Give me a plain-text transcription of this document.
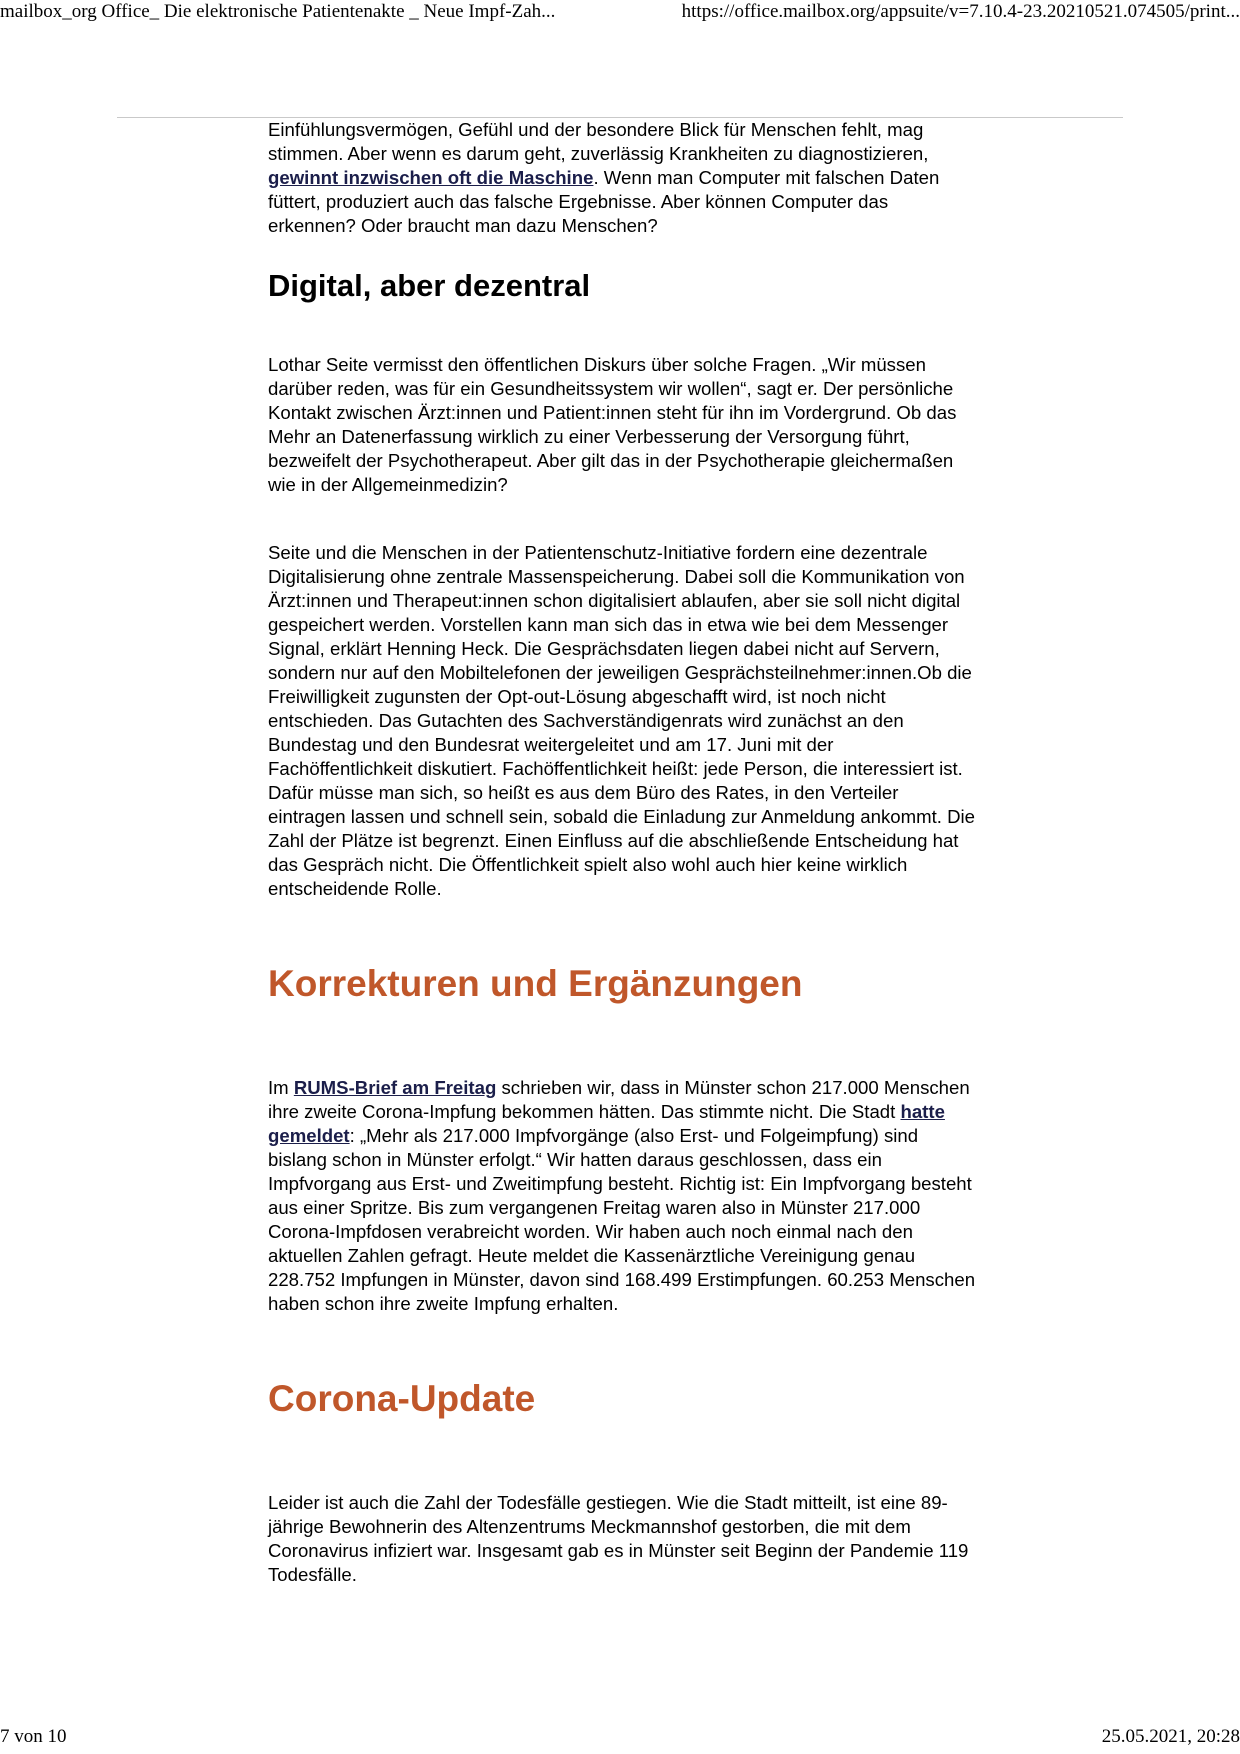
mailbox_org Office_ Die elektronische Patientenakte _ Neue Impf-Zah...	https://office.mailbox.org/appsuite/v=7.10.4-23.20210521.074505/print...

Einfühlungsvermögen, Gefühl und der besondere Blick für Menschen fehlt, mag stimmen. Aber wenn es darum geht, zuverlässig Krankheiten zu diagnostizieren, gewinnt inzwischen oft die Maschine. Wenn man Computer mit falschen Daten füttert, produziert auch das falsche Ergebnisse. Aber können Computer das erkennen? Oder braucht man dazu Menschen?

Digital, aber dezentral

Lothar Seite vermisst den öffentlichen Diskurs über solche Fragen. „Wir müssen darüber reden, was für ein Gesundheitssystem wir wollen“, sagt er. Der persönliche Kontakt zwischen Ärzt:innen und Patient:innen steht für ihn im Vordergrund. Ob das Mehr an Datenerfassung wirklich zu einer Verbesserung der Versorgung führt, bezweifelt der Psychotherapeut. Aber gilt das in der Psychotherapie gleichermaßen wie in der Allgemeinmedizin?

Seite und die Menschen in der Patientenschutz-Initiative fordern eine dezentrale Digitalisierung ohne zentrale Massenspeicherung. Dabei soll die Kommunikation von Ärzt:innen und Therapeut:innen schon digitalisiert ablaufen, aber sie soll nicht digital gespeichert werden. Vorstellen kann man sich das in etwa wie bei dem Messenger Signal, erklärt Henning Heck. Die Gesprächsdaten liegen dabei nicht auf Servern, sondern nur auf den Mobiltelefonen der jeweiligen Gesprächsteilnehmer:innen.Ob die Freiwilligkeit zugunsten der Opt-out-Lösung abgeschafft wird, ist noch nicht entschieden. Das Gutachten des Sachverständigenrats wird zunächst an den Bundestag und den Bundesrat weitergeleitet und am 17. Juni mit der Fachöffentlichkeit diskutiert. Fachöffentlichkeit heißt: jede Person, die interessiert ist. Dafür müsse man sich, so heißt es aus dem Büro des Rates, in den Verteiler eintragen lassen und schnell sein, sobald die Einladung zur Anmeldung ankommt. Die Zahl der Plätze ist begrenzt. Einen Einfluss auf die abschließende Entscheidung hat das Gespräch nicht. Die Öffentlichkeit spielt also wohl auch hier keine wirklich entscheidende Rolle.

Korrekturen und Ergänzungen

Im RUMS-Brief am Freitag schrieben wir, dass in Münster schon 217.000 Menschen ihre zweite Corona-Impfung bekommen hätten. Das stimmte nicht. Die Stadt hatte gemeldet: „Mehr als 217.000 Impfvorgänge (also Erst- und Folgeimpfung) sind bislang schon in Münster erfolgt.“ Wir hatten daraus geschlossen, dass ein Impfvorgang aus Erst- und Zweitimpfung besteht. Richtig ist: Ein Impfvorgang besteht aus einer Spritze. Bis zum vergangenen Freitag waren also in Münster 217.000 Corona-Impfdosen verabreicht worden. Wir haben auch noch einmal nach den aktuellen Zahlen gefragt. Heute meldet die Kassenärztliche Vereinigung genau 228.752 Impfungen in Münster, davon sind 168.499 Erstimpfungen. 60.253 Menschen haben schon ihre zweite Impfung erhalten.

Corona-Update

Leider ist auch die Zahl der Todesfälle gestiegen. Wie die Stadt mitteilt, ist eine 89-jährige Bewohnerin des Altenzentrums Meckmannshof gestorben, die mit dem Coronavirus infiziert war. Insgesamt gab es in Münster seit Beginn der Pandemie 119 Todesfälle.

7 von 10	25.05.2021, 20:28
